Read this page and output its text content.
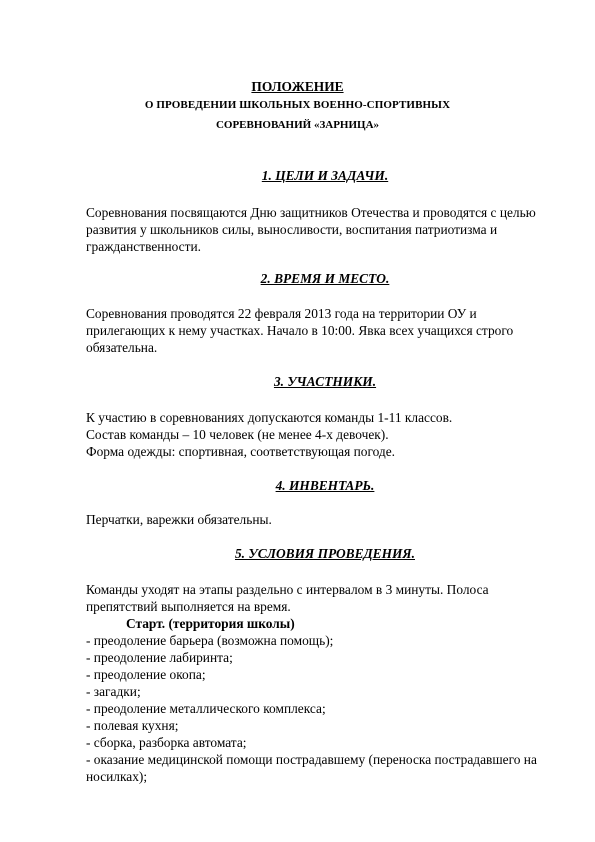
ПОЛОЖЕНИЕ

О ПРОВЕДЕНИИ ШКОЛЬНЫХ ВОЕННО-СПОРТИВНЫХ

СОРЕВНОВАНИЙ «ЗАРНИЦА»

1. ЦЕЛИ И ЗАДАЧИ.

Соревнования посвящаются Дню защитников Отечества и проводятся с целью
развития у школьников силы, выносливости, воспитания патриотизма и
гражданственности.

2. ВРЕМЯ И МЕСТО.

Соревнования проводятся 22 февраля 2013 года на территории ОУ и
прилегающих к нему участках. Начало в 10:00. Явка всех учащихся строго
обязательна.

3. УЧАСТНИКИ.

К участию в соревнованиях допускаются команды 1-11 классов.
Состав команды – 10 человек (не менее 4-х девочек).
Форма одежды: спортивная, соответствующая погоде.

4. ИНВЕНТАРЬ.

Перчатки, варежки обязательны.

5. УСЛОВИЯ ПРОВЕДЕНИЯ.

Команды уходят на этапы раздельно с интервалом в 3 минуты. Полоса
препятствий выполняется на время.

Старт. (территория школы)

- преодоление барьера (возможна помощь);
- преодоление лабиринта;
- преодоление окопа;
- загадки;
- преодоление металлического комплекса;
- полевая кухня;
- сборка, разборка автомата;
- оказание медицинской помощи пострадавшему (переноска пострадавшего на
носилках);
